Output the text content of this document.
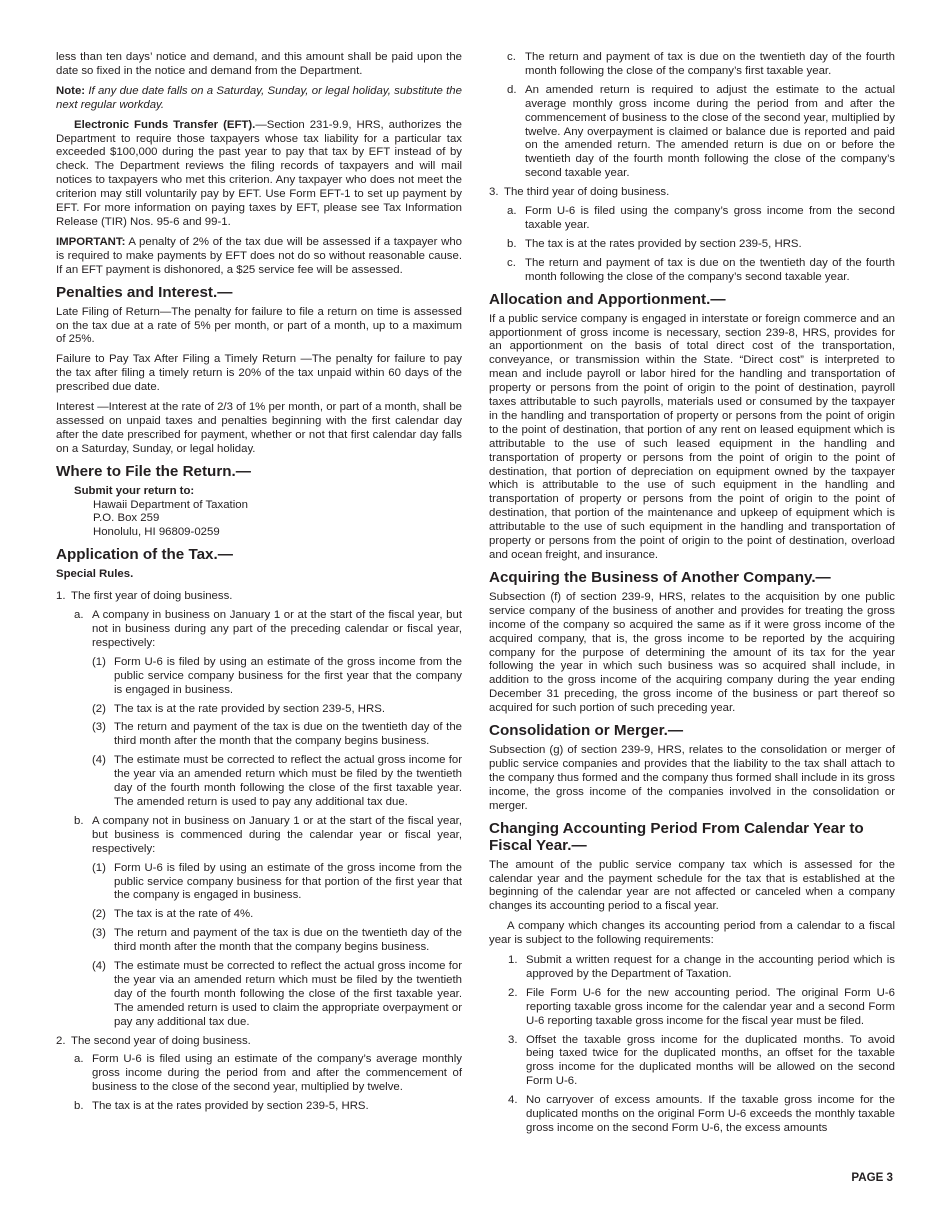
less than ten days’ notice and demand, and this amount shall be paid upon the date so fixed in the notice and demand from the Department.

Note: If any due date falls on a Saturday, Sunday, or legal holiday, substitute the next regular workday.

Electronic Funds Transfer (EFT).—Section 231-9.9, HRS, authorizes the Department to require those taxpayers whose tax liability for a particular tax exceeded $100,000 during the past year to pay that tax by EFT instead of by check. The Department reviews the filing records of taxpayers and will mail notices to taxpayers who met this criterion. Any taxpayer who does not meet the criterion may still voluntarily pay by EFT. Use Form EFT-1 to set up payment by EFT. For more information on paying taxes by EFT, please see Tax Information Release (TIR) Nos. 95-6 and 99-1.

IMPORTANT: A penalty of 2% of the tax due will be assessed if a taxpayer who is required to make payments by EFT does not do so without reasonable cause. If an EFT payment is dishonored, a $25 service fee will be assessed.

Penalties and Interest.—

Late Filing of Return—The penalty for failure to file a return on time is assessed on the tax due at a rate of 5% per month, or part of a month, up to a maximum of 25%.

Failure to Pay Tax After Filing a Timely Return —The penalty for failure to pay the tax after filing a timely return is 20% of the tax unpaid within 60 days of the prescribed due date.

Interest —Interest at the rate of 2/3 of 1% per month, or part of a month, shall be assessed on unpaid taxes and penalties beginning with the first calendar day after the date prescribed for payment, whether or not that first calendar day falls on a Saturday, Sunday, or legal holiday.

Where to File the Return.—
Submit your return to:
Hawaii Department of Taxation
P.O. Box 259
Honolulu, HI 96809-0259
Application of the Tax.—

Special Rules.

1. The first year of doing business.
a. A company in business on January 1 or at the start of the fiscal year, but not in business during any part of the preceding calendar or fiscal year, respectively:
(1) Form U-6 is filed by using an estimate of the gross income from the public service company business for the first year that the company is engaged in business.
(2) The tax is at the rate provided by section 239-5, HRS.
(3) The return and payment of the tax is due on the twentieth day of the third month after the month that the company begins business.
(4) The estimate must be corrected to reflect the actual gross income for the year via an amended return which must be filed by the twentieth day of the fourth month following the close of the first taxable year. The amended return is used to pay any additional tax due.
b. A company not in business on January 1 or at the start of the fiscal year, but business is commenced during the calendar year or fiscal year, respectively:
(1) Form U-6 is filed by using an estimate of the gross income from the public service company business for that portion of the first year that the company is engaged in business.
(2) The tax is at the rate of 4%.
(3) The return and payment of the tax is due on the twentieth day of the third month after the month that the company begins business.
(4) The estimate must be corrected to reflect the actual gross income for the year via an amended return which must be filed by the twentieth day of the fourth month following the close of the first taxable year. The amended return is used to claim the appropriate overpayment or pay any additional tax due.
2. The second year of doing business.
a. Form U-6 is filed using an estimate of the company’s average monthly gross income during the period from and after the commencement of business to the close of the second year, multiplied by twelve.
b. The tax is at the rates provided by section 239-5, HRS.
c. The return and payment of tax is due on the twentieth day of the fourth month following the close of the company’s first taxable year.
d. An amended return is required to adjust the estimate to the actual average monthly gross income during the period from and after the commencement of business to the close of the second year, multiplied by twelve. Any overpayment is claimed or balance due is reported and paid on the amended return. The amended return is due on or before the twentieth day of the fourth month following the close of the company’s second taxable year.
3. The third year of doing business.
a. Form U-6 is filed using the company’s gross income from the second taxable year.
b. The tax is at the rates provided by section 239-5, HRS.
c. The return and payment of tax is due on the twentieth day of the fourth month following the close of the company’s second taxable year.
Allocation and Apportionment.—

If a public service company is engaged in interstate or foreign commerce and an apportionment of gross income is necessary, section 239-8, HRS, provides for an apportionment on the basis of total direct cost of the transportation, conveyance, or transmission within the State. “Direct cost” is interpreted to mean and include payroll or labor hired for the handling and transportation of property or persons from the point of origin to the point of destination, payroll taxes attributable to such payrolls, materials used or consumed by the taxpayer in the handling and transportation of property or persons from the point of origin to the point of destination, that portion of any rent on leased equipment which is attributable to the use of such leased equipment in the handling and transportation of property or persons from the point of origin to the point of destination, that portion of depreciation on equipment owned by the taxpayer which is attributable to the use of such equipment in the handling and transportation of property or persons from the point of origin to the point of destination, that portion of the maintenance and upkeep of equipment which is attributable to the use of such equipment in the handling and transportation of property or persons from the point of origin to the point of destination, overload and ocean freight, and insurance.

Acquiring the Business of Another Company.—

Subsection (f) of section 239-9, HRS, relates to the acquisition by one public service company of the business of another and provides for treating the gross income of the company so acquired the same as if it were gross income of the acquired company, that is, the gross income to be reported by the acquiring company for the purpose of determining the amount of its tax for the year following the year in which such business was so acquired shall include, in addition to the gross income of the acquiring company during the year ending December 31 preceding, the gross income of the business or part thereof so acquired for such portion of such preceding year.

Consolidation or Merger.—

Subsection (g) of section 239-9, HRS, relates to the consolidation or merger of public service companies and provides that the liability to the tax shall attach to the company thus formed and the company thus formed shall include in its gross income, the gross income of the companies involved in the consolidation or merger.

Changing Accounting Period From Calendar Year to Fiscal Year.—

The amount of the public service company tax which is assessed for the calendar year and the payment schedule for the tax that is established at the beginning of the calendar year are not affected or canceled when a company changes its accounting period to a fiscal year.

A company which changes its accounting period from a calendar to a fiscal year is subject to the following requirements:

1. Submit a written request for a change in the accounting period which is approved by the Department of Taxation.
2. File Form U-6 for the new accounting period. The original Form U-6 reporting taxable gross income for the calendar year and a second Form U-6 reporting taxable gross income for the fiscal year must be filed.
3. Offset the taxable gross income for the duplicated months. To avoid being taxed twice for the duplicated months, an offset for the taxable gross income for the duplicated months will be allowed on the second Form U-6.
4. No carryover of excess amounts. If the taxable gross income for the duplicated months on the original Form U-6 exceeds the monthly taxable gross income on the second Form U-6, the excess amounts
PAGE 3
